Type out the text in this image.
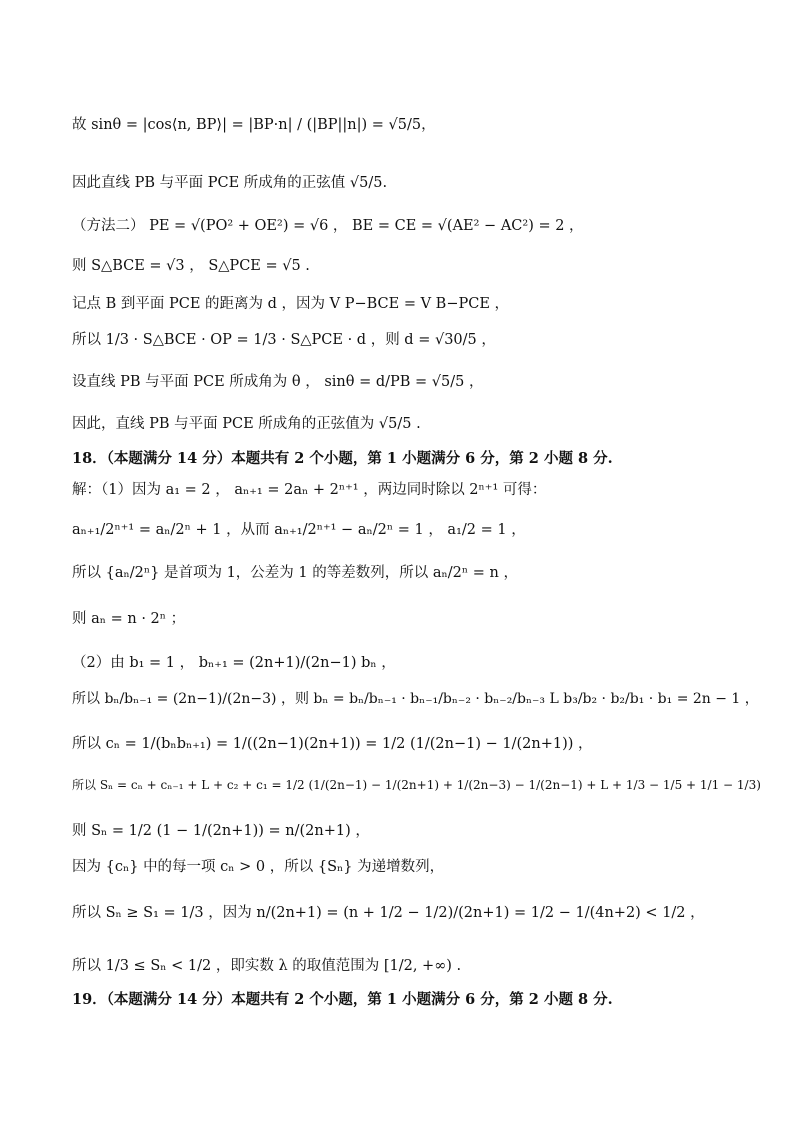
故 sinθ = |cos⟨n, BP⟩| = |BP·n| / (|BP||n|) = √5/5，
因此直线 PB 与平面 PCE 所成角的正弦值 √5/5.
（方法二） PE = √(PO² + OE²) = √6 ， BE = CE = √(AE² − AC²) = 2 ，
则 S△BCE = √3 ， S△PCE = √5 .
记点 B 到平面 PCE 的距离为 d ，因为 V P−BCE = V B−PCE ，
所以 1/3 · S△BCE · OP = 1/3 · S△PCE · d ，则 d = √30/5 ，
设直线 PB 与平面 PCE 所成角为 θ ， sinθ = d/PB = √5/5 ，
因此，直线 PB 与平面 PCE 所成角的正弦值为 √5/5 .
18．（本题满分 14 分）本题共有 2 个小题，第 1 小题满分 6 分，第 2 小题 8 分.
解：（1）因为 a₁ = 2 ， aₙ₊₁ = 2aₙ + 2ⁿ⁺¹ ，两边同时除以 2ⁿ⁺¹ 可得：
aₙ₊₁/2ⁿ⁺¹ = aₙ/2ⁿ + 1 ，从而 aₙ₊₁/2ⁿ⁺¹ − aₙ/2ⁿ = 1 ， a₁/2 = 1 ，
所以 {aₙ/2ⁿ} 是首项为 1，公差为 1 的等差数列，所以 aₙ/2ⁿ = n ，
则 aₙ = n · 2ⁿ ；
（2）由 b₁ = 1 ， bₙ₊₁ = (2n+1)/(2n−1) bₙ ，
所以 bₙ/bₙ₋₁ = (2n−1)/(2n−3) ，则 bₙ = bₙ/bₙ₋₁ · bₙ₋₁/bₙ₋₂ · bₙ₋₂/bₙ₋₃ L b₃/b₂ · b₂/b₁ · b₁ = 2n − 1 ，
所以 cₙ = 1/(bₙbₙ₊₁) = 1/((2n−1)(2n+1)) = 1/2 (1/(2n−1) − 1/(2n+1)) ，
所以 Sₙ = cₙ + cₙ₋₁ + L + c₂ + c₁ = 1/2 (1/(2n−1) − 1/(2n+1) + 1/(2n−3) − 1/(2n−1) + L + 1/3 − 1/5 + 1/1 − 1/3)
则 Sₙ = 1/2 (1 − 1/(2n+1)) = n/(2n+1) ，
因为 {cₙ} 中的每一项 cₙ > 0 ，所以 {Sₙ} 为递增数列，
所以 Sₙ ≥ S₁ = 1/3 ，因为 n/(2n+1) = (n + 1/2 − 1/2)/(2n+1) = 1/2 − 1/(4n+2) < 1/2 ，
所以 1/3 ≤ Sₙ < 1/2 ，即实数 λ 的取值范围为 [1/2, +∞) .
19．（本题满分 14 分）本题共有 2 个小题，第 1 小题满分 6 分，第 2 小题 8 分.
